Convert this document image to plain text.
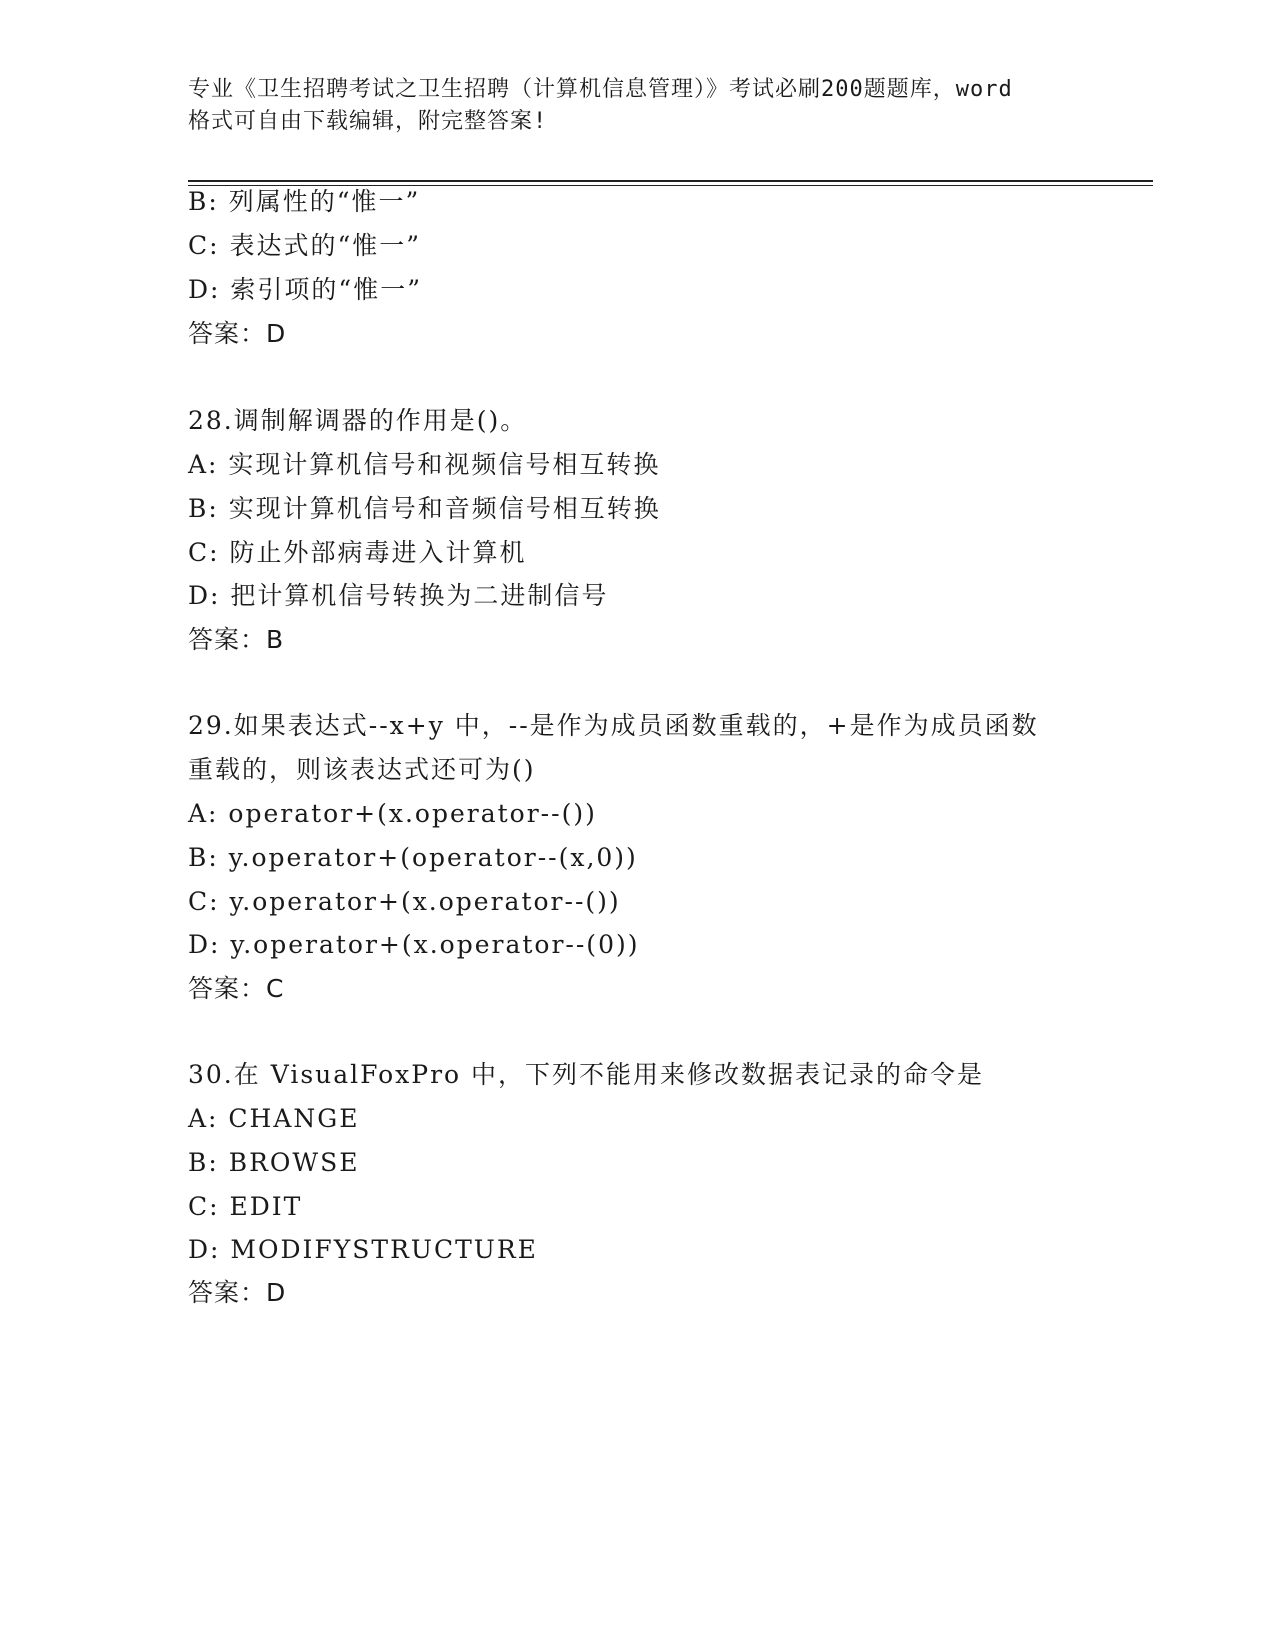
专业《卫生招聘考试之卫生招聘（计算机信息管理）》考试必刷200题题库，word
格式可自由下载编辑，附完整答案!
B: 列属性的“惟一”
C: 表达式的“惟一”
D: 索引项的“惟一”
答案：D
28.调制解调器的作用是()。
A: 实现计算机信号和视频信号相互转换
B: 实现计算机信号和音频信号相互转换
C: 防止外部病毒进入计算机
D: 把计算机信号转换为二进制信号
答案：B
29.如果表达式--x+y 中，--是作为成员函数重载的，+是作为成员函数
重载的，则该表达式还可为()
A: operator+(x.operator--())
B: y.operator+(operator--(x,0))
C: y.operator+(x.operator--())
D: y.operator+(x.operator--(0))
答案：C
30.在 VisualFoxPro 中，下列不能用来修改数据表记录的命令是
A: CHANGE
B: BROWSE
C: EDIT
D: MODIFYSTRUCTURE
答案：D
